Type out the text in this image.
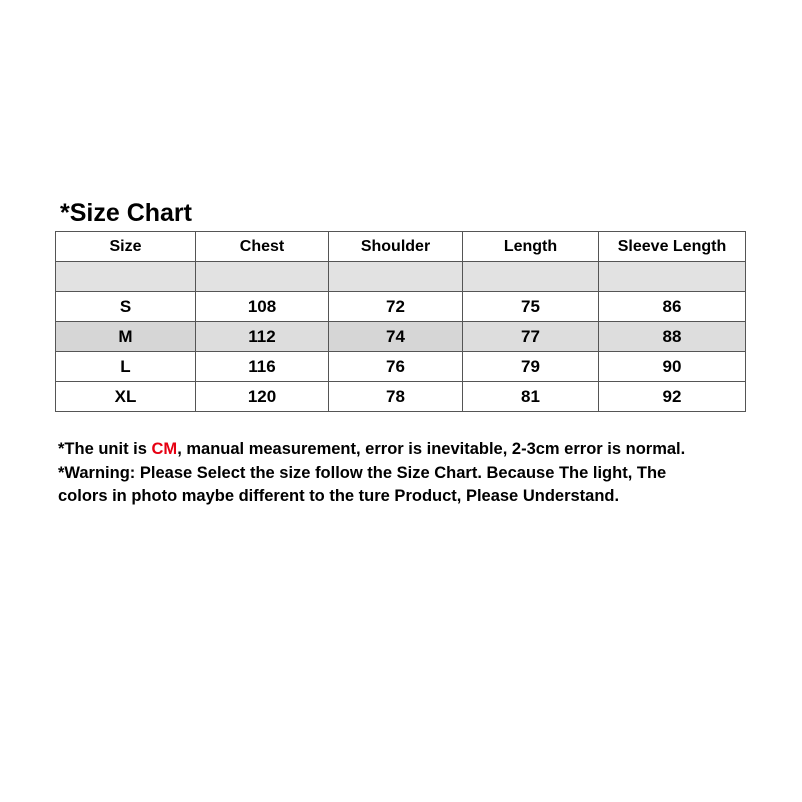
*Size Chart
Size	Chest	Shoulder	Length	Sleeve Length

S	108	72	75	86
M	112	74	77	88
L	116	76	79	90
XL	120	78	81	92

*The unit is CM, manual measurement, error is inevitable, 2-3cm error is normal.

*Warning: Please Select the size follow the Size Chart. Because The light, The

colors in photo maybe different to the ture Product, Please Understand.
